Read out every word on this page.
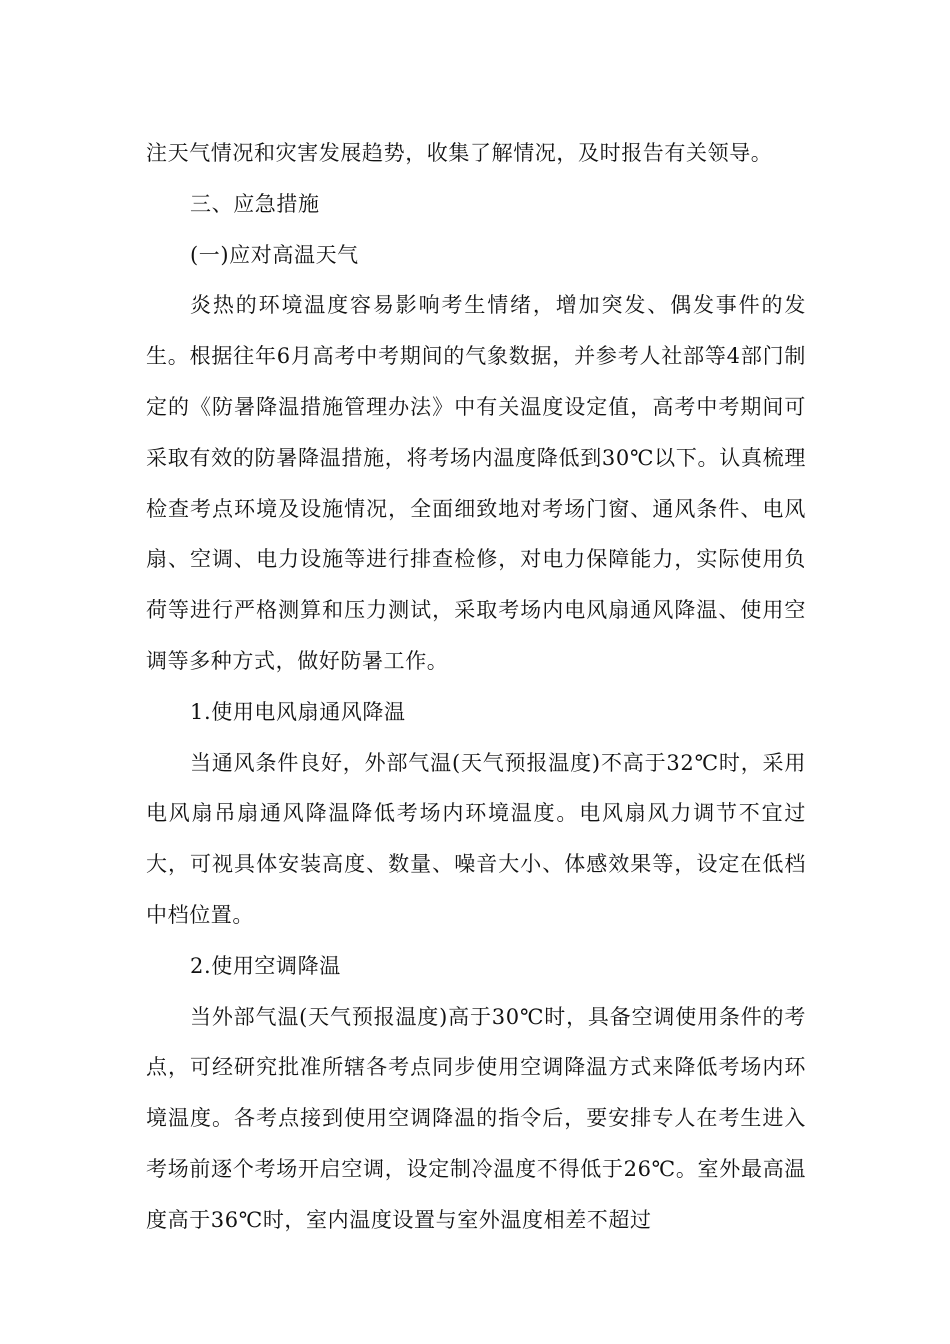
注天气情况和灾害发展趋势，收集了解情况，及时报告有关领导。

三、应急措施

(一)应对高温天气

炎热的环境温度容易影响考生情绪，增加突发、偶发事件的发生。根据往年6月高考中考期间的气象数据，并参考人社部等4部门制定的《防暑降温措施管理办法》中有关温度设定值，高考中考期间可采取有效的防暑降温措施，将考场内温度降低到30℃以下。认真梳理检查考点环境及设施情况，全面细致地对考场门窗、通风条件、电风扇、空调、电力设施等进行排查检修，对电力保障能力，实际使用负荷等进行严格测算和压力测试，采取考场内电风扇通风降温、使用空调等多种方式，做好防暑工作。

1.使用电风扇通风降温

当通风条件良好，外部气温(天气预报温度)不高于32℃时，采用电风扇吊扇通风降温降低考场内环境温度。电风扇风力调节不宜过大，可视具体安装高度、数量、噪音大小、体感效果等，设定在低档中档位置。

2.使用空调降温

当外部气温(天气预报温度)高于30℃时，具备空调使用条件的考点，可经研究批准所辖各考点同步使用空调降温方式来降低考场内环境温度。各考点接到使用空调降温的指令后，要安排专人在考生进入考场前逐个考场开启空调，设定制冷温度不得低于26℃。室外最高温度高于36℃时，室内温度设置与室外温度相差不超过
